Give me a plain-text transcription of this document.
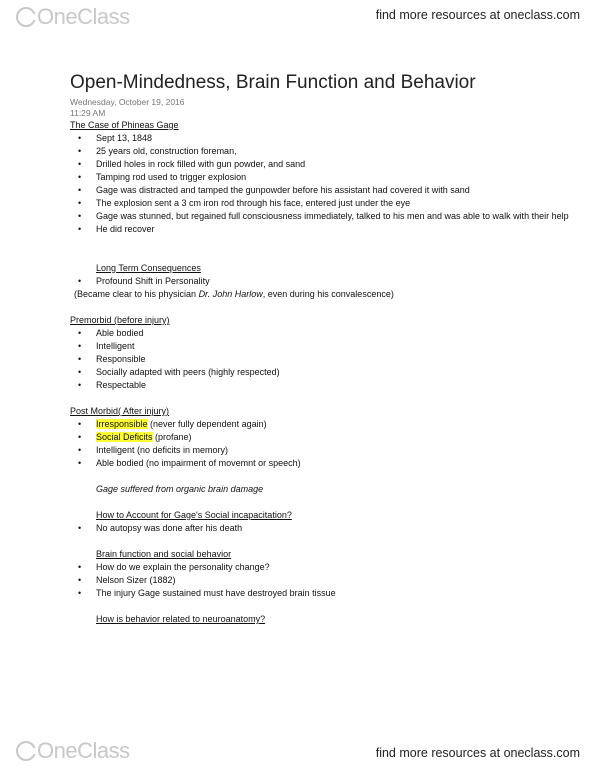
OneClass	find more resources at oneclass.com
Open-Mindedness, Brain Function and Behavior
Wednesday, October 19, 2016
11:29 AM
The Case of Phineas Gage
• Sept 13, 1848
• 25 years old, construction foreman,
• Drilled holes in rock filled with gun powder, and sand
• Tamping rod used to trigger explosion
• Gage was distracted and tamped the gunpowder before his assistant had covered it with sand
• The explosion sent a 3 cm iron rod through his face, entered just under the eye
• Gage was stunned, but regained full consciousness immediately, talked to his men and was able to walk with their help
• He did recover
Long Term Consequences
• Profound Shift in Personality
(Became clear to his physician Dr. John Harlow, even during his convalescence)
Premorbid (before injury)
• Able bodied
• Intelligent
• Responsible
• Socially adapted with peers (highly respected)
• Respectable
Post Morbid( After injury)
• Irresponsible (never fully dependent again)
• Social Deficits (profane)
• Intelligent (no deficits in memory)
• Able bodied (no impairment of movemnt or speech)
Gage suffered from organic brain damage
How to Account for Gage's Social incapacitation?
• No autopsy was done after his death
Brain function and social behavior
• How do we explain the personality change?
• Nelson Sizer (1882)
• The injury Gage sustained must have destroyed brain tissue
How is behavior related to neuroanatomy?
OneClass	find more resources at oneclass.com
